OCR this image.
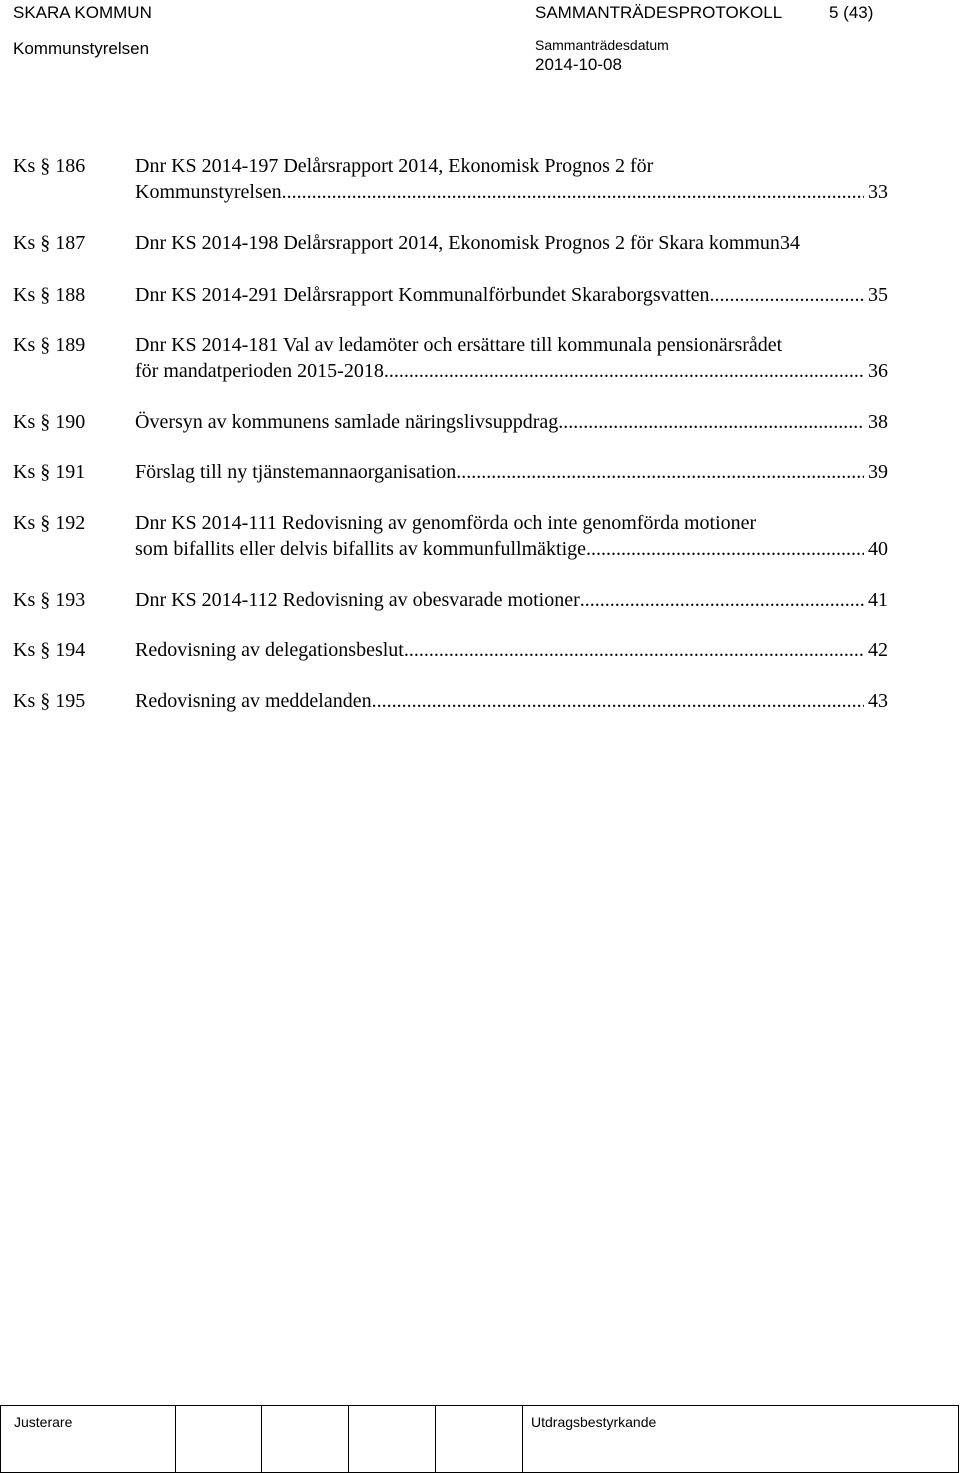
SKARA KOMMUN
Kommunstyrelsen
SAMMANTRÄDESPROTOKOLL	5 (43)
Sammanträdesdatum
2014-10-08
Ks § 186	Dnr KS 2014-197 Delårsrapport 2014, Ekonomisk Prognos 2 för
Kommunstyrelsen .....	33
Ks § 187	Dnr KS 2014-198 Delårsrapport 2014, Ekonomisk Prognos 2 för Skara kommun 34
Ks § 188	Dnr KS 2014-291 Delårsrapport Kommunalförbundet Skaraborgsvatten .....	35
Ks § 189	Dnr KS 2014-181 Val av ledamöter och ersättare till kommunala pensionärsrådet
för mandatperioden 2015-2018 .....	36
Ks § 190	Översyn av kommunens samlade näringslivsuppdrag .....	38
Ks § 191	Förslag till ny tjänstemannaorganisation .....	39
Ks § 192	Dnr KS 2014-111 Redovisning av genomförda och inte genomförda motioner
som bifallits eller delvis bifallits av kommunfullmäktige .....	40
Ks § 193	Dnr KS 2014-112 Redovisning av obesvarade motioner .....	41
Ks § 194	Redovisning av delegationsbeslut .....	42
Ks § 195	Redovisning av meddelanden .....	43
Justerare	Utdragsbestyrkande
